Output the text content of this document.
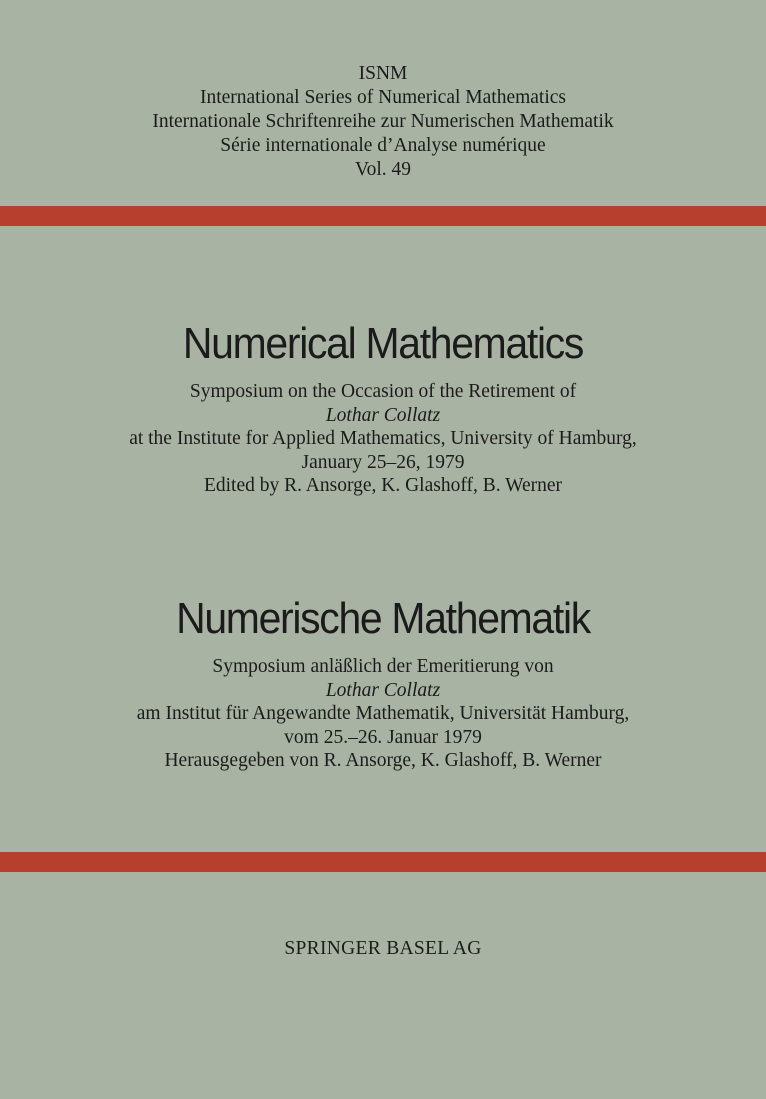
ISNM
International Series of Numerical Mathematics
Internationale Schriftenreihe zur Numerischen Mathematik
Série internationale d’Analyse numérique
Vol. 49
Numerical Mathematics
Symposium on the Occasion of the Retirement of
Lothar Collatz
at the Institute for Applied Mathematics, University of Hamburg,
January 25–26, 1979
Edited by R. Ansorge, K. Glashoff, B. Werner
Numerische Mathematik
Symposium anläßlich der Emeritierung von
Lothar Collatz
am Institut für Angewandte Mathematik, Universität Hamburg,
vom 25.–26. Januar 1979
Herausgegeben von R. Ansorge, K. Glashoff, B. Werner
SPRINGER BASEL AG
